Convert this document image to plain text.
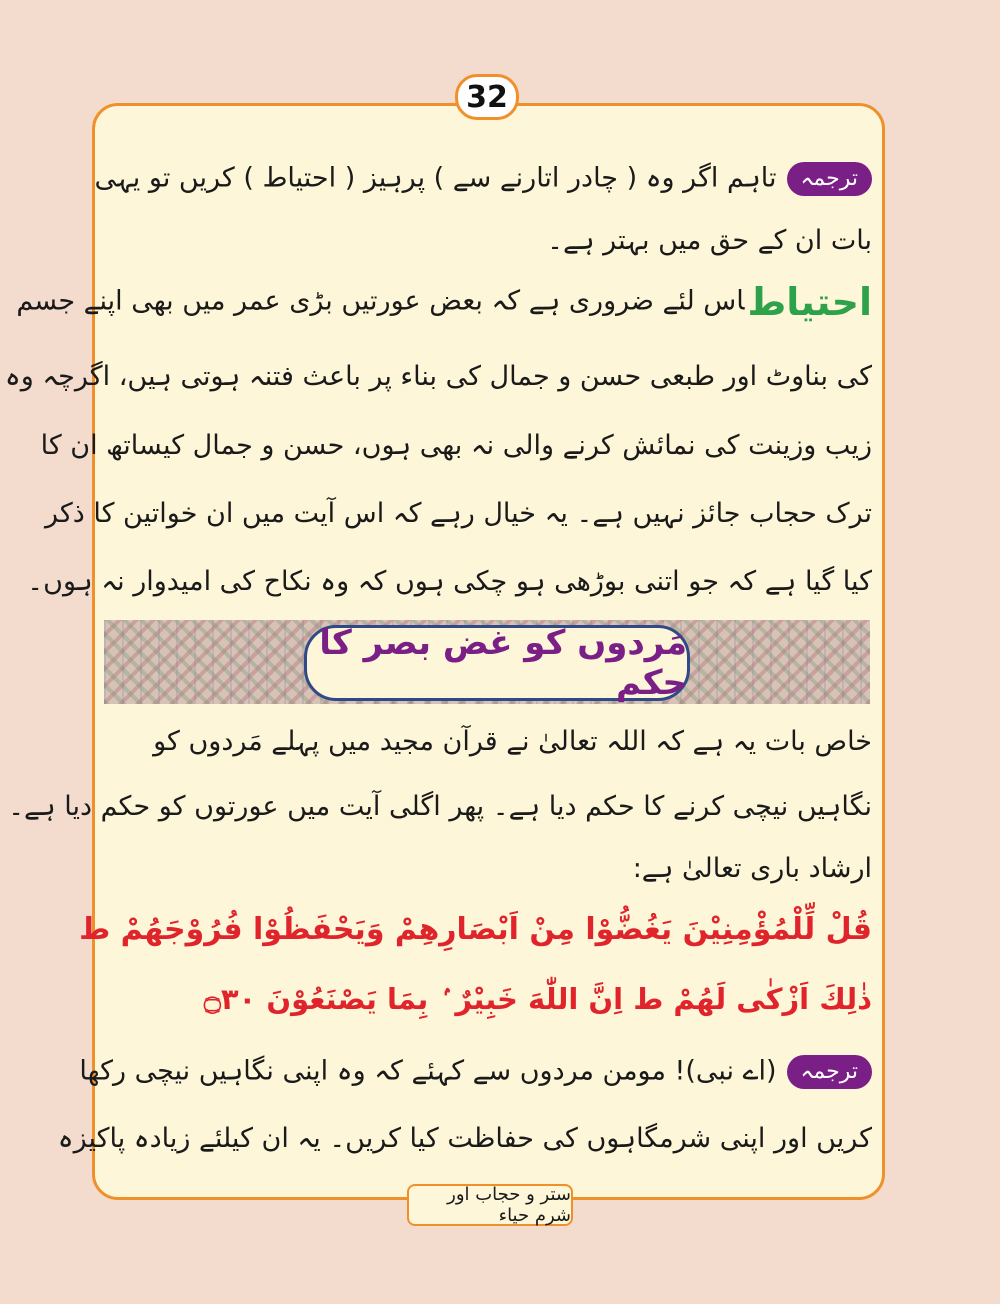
32
ترجمہتاہم اگر وہ ( چادر اتارنے سے ) پرہیز ( احتیاط ) کریں تو یہی
بات ان کے حق میں بہتر ہے۔
احتیاطاس لئے ضروری ہے کہ بعض عورتیں بڑی عمر میں بھی اپنے جسم
کی بناوٹ اور طبعی حسن و جمال کی بناء پر باعث فتنہ ہوتی ہیں، اگرچہ وہ
زیب وزینت کی نمائش کرنے والی نہ بھی ہوں، حسن و جمال کیساتھ ان کا
ترک حجاب جائز نہیں ہے۔ یہ خیال رہے کہ اس آیت میں ان خواتین کا ذکر
کیا گیا ہے کہ جو اتنی بوڑھی ہو چکی ہوں کہ وہ نکاح کی امیدوار نہ ہوں۔
مَردوں کو غض بصر کا حکم
خاص بات یہ ہے کہ اللہ تعالیٰ نے قرآن مجید میں پہلے مَردوں کو
نگاہیں نیچی کرنے کا حکم دیا ہے۔ پھر اگلی آیت میں عورتوں کو حکم دیا ہے۔
ارشاد باری تعالیٰ ہے:
قُلْ لِّلْمُؤْمِنِيْنَ يَغُضُّوْا مِنْ اَبْصَارِهِمْ وَيَحْفَظُوْا فُرُوْجَهُمْ ط
ذٰلِكَ اَزْكٰى لَهُمْ ط اِنَّ اللّٰهَ خَبِيْرٌ ۢ بِمَا يَصْنَعُوْنَ ۝٣٠
ترجمہ(اے نبی)! مومن مردوں سے کہئے کہ وہ اپنی نگاہیں نیچی رکھا
کریں اور اپنی شرمگاہوں کی حفاظت کیا کریں۔ یہ ان کیلئے زیادہ پاکیزہ
ستر و حجاب اور شرم حیاء
